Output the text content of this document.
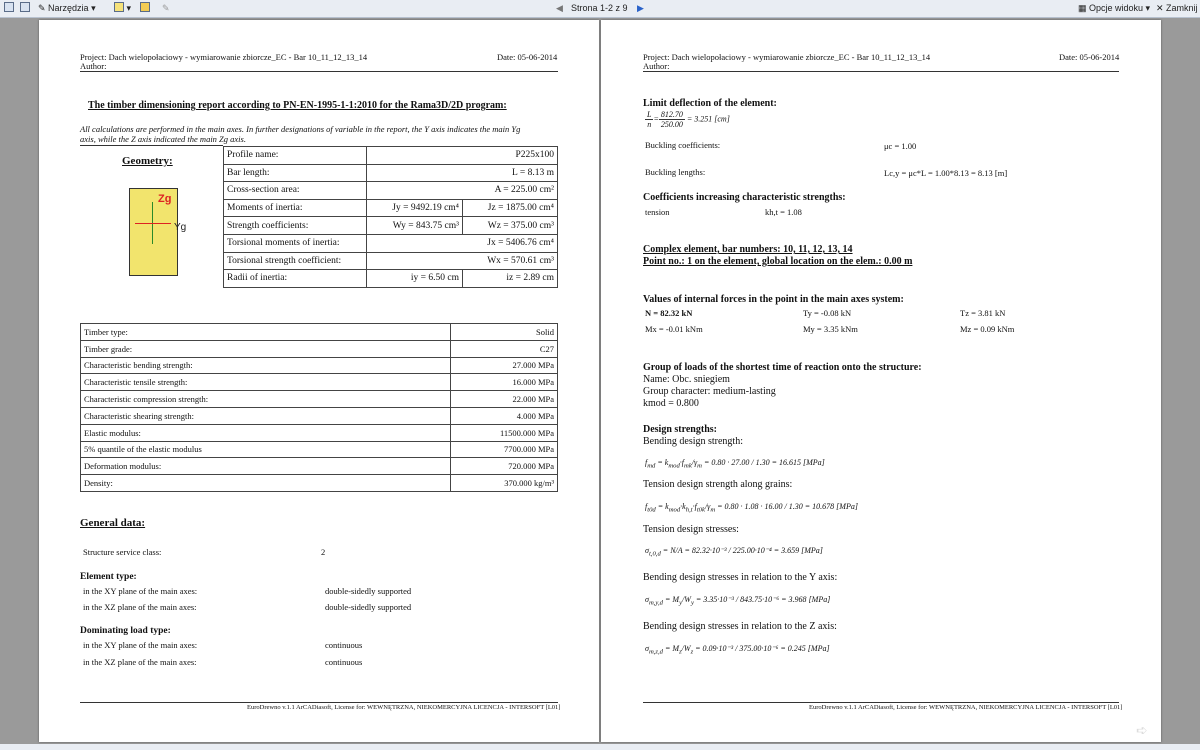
✎ Narzędzia ▾	▾	✎	◀ Strona 1-2 z 9 ▶	▦ Opcje widoku ▾ ✕ Zamknij
Project: Dach wielopołaciowy - wymiarowanie zbiorcze_EC - Bar 10_11_12_13_14
Author:
Date: 05-06-2014
The timber dimensioning report according to PN-EN-1995-1-1:2010 for the Rama3D/2D program:
All calculations are performed in the main axes. In further designations of variable in the report, the Y axis indicates the main Yg
axis, while the Z axis indicated the main Zg axis.
Geometry:
Zg
Yg
Profile name:	P225x100	
Bar length:	L = 8.13 m	
Cross-section area:	A = 225.00 cm²	
Moments of inertia:	Jy = 9492.19 cm⁴	Jz = 1875.00 cm⁴
Strength coefficients:	Wy = 843.75 cm³	Wz = 375.00 cm³
Torsional moments of inertia:	Jx = 5406.76 cm⁴	
Torsional strength coefficient:	Wx = 570.61 cm³	
Radii of inertia:	iy = 6.50 cm	iz = 2.89 cm
Timber type:	Solid
Timber grade:	C27
Characteristic bending strength:	27.000 MPa
Characteristic tensile strength:	16.000 MPa
Characteristic compression strength:	22.000 MPa
Characteristic shearing strength:	4.000 MPa
Elastic modulus:	11500.000 MPa
5% quantile of the elastic modulus	7700.000 MPa
Deformation modulus:	720.000 MPa
Density:	370.000 kg/m³
General data:
Structure service class:	2
Element type:
in the XY plane of the main axes:	double-sidedly supported
in the XZ plane of the main axes:	double-sidedly supported
Dominating load type:
in the XY plane of the main axes:	continuous
in the XZ plane of the main axes:	continuous
EuroDrewno v.1.1 ArCADiasoft, License for: WEWNĘTRZNA, NIEKOMERCYJNA LICENCJA - INTERSOFT [L01]
Project: Dach wielopołaciowy - wymiarowanie zbiorcze_EC - Bar 10_11_12_13_14
Author:
Date: 05-06-2014
Limit deflection of the element:
$\frac{L}{n} = \frac{812.70}{250.00} = 3.251$ [cm]
Buckling coefficients:	μc = 1.00
Buckling lengths:	Lc,y = μc*L = 1.00*8.13 = 8.13 [m]
Coefficients increasing characteristic strengths:
tension	kh,t = 1.08
Complex element, bar numbers: 10, 11, 12, 13, 14
Point no.: 1 on the element, global location on the elem.: 0.00 m
Values of internal forces in the point in the main axes system:
N = 82.32 kN	Ty = -0.08 kN	Tz = 3.81 kN
Mx = -0.01 kNm	My = 3.35 kNm	Mz = 0.09 kNm
Group of loads of the shortest time of reaction onto the structure:
Name: Obc. sniegiem
Group character: medium-lasting
kmod = 0.800
Design strengths:
Bending design strength:
$f_{md} = k_{mod}\cdot f_{mk}/\gamma_m = 0.80 \cdot 27.00 / 1.30 = 16.615$ [MPa]
Tension design strength along grains:
$f_{t0d} = k_{mod}\cdot k_{h,t}\cdot f_{t0k}/\gamma_m = 0.80 \cdot 1.08 \cdot 16.00 / 1.30 = 10.678$ [MPa]
Tension design stresses:
$\sigma_{t,0,d} = N/A = 82.32\cdot 10^{-3} / 225.00\cdot 10^{-4} = 3.659$ [MPa]
Bending design stresses in relation to the Y axis:
$\sigma_{m,y,d} = M_y/W_y = 3.35\cdot 10^{-3} / 843.75\cdot 10^{-6} = 3.968$ [MPa]
Bending design stresses in relation to the Z axis:
$\sigma_{m,z,d} = M_z/W_z = 0.09\cdot 10^{-3} / 375.00\cdot 10^{-6} = 0.245$ [MPa]
EuroDrewno v.1.1 ArCADiasoft, License for: WEWNĘTRZNA, NIEKOMERCYJNA LICENCJA - INTERSOFT [L01]
➪
